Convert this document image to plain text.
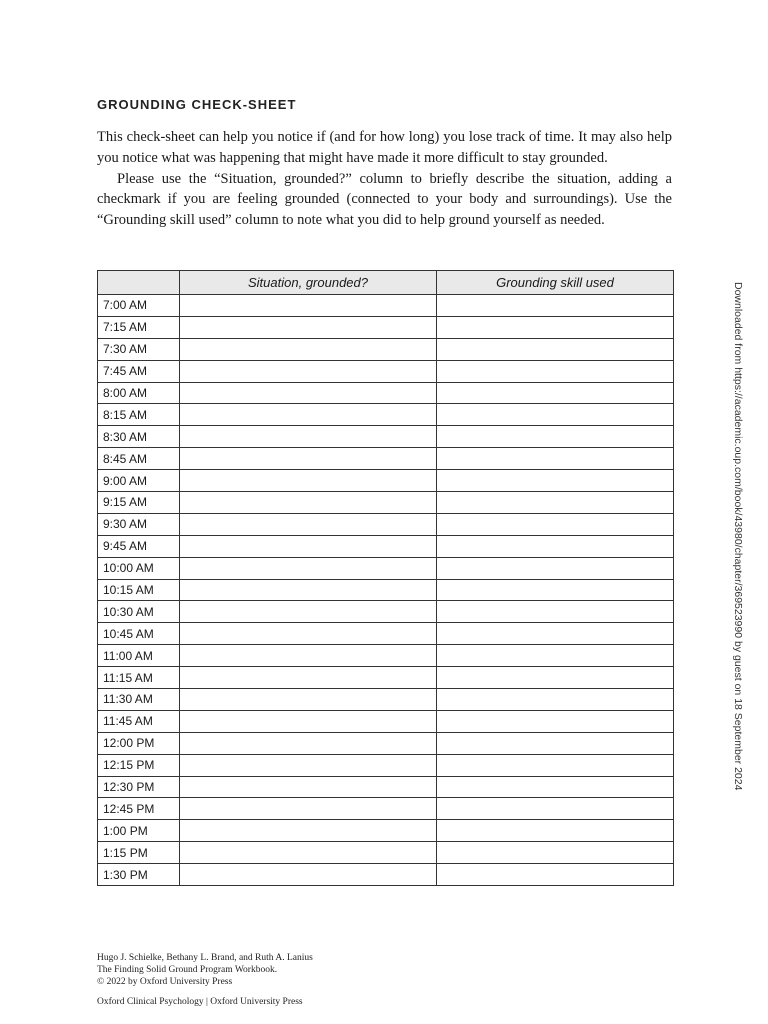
GROUNDING CHECK-SHEET

This check-sheet can help you notice if (and for how long) you lose track of time. It may also help you notice what was happening that might have made it more difficult to stay grounded.

Please use the “Situation, grounded?” column to briefly describe the situation, adding a checkmark if you are feeling grounded (connected to your body and surroundings). Use the “Grounding skill used” column to note what you did to help ground yourself as needed.

	Situation, grounded?	Grounding skill used
7:00 AM		
7:15 AM		
7:30 AM		
7:45 AM		
8:00 AM		
8:15 AM		
8:30 AM		
8:45 AM		
9:00 AM		
9:15 AM		
9:30 AM		
9:45 AM		
10:00 AM		
10:15 AM		
10:30 AM		
10:45 AM		
11:00 AM		
11:15 AM		
11:30 AM		
11:45 AM		
12:00 PM		
12:15 PM		
12:30 PM		
12:45 PM		
1:00 PM		
1:15 PM		
1:30 PM		
Downloaded from https://academic.oup.com/book/43980/chapter/369523990 by guest on 18 September 2024
Hugo J. Schielke, Bethany L. Brand, and Ruth A. Lanius
The Finding Solid Ground Program Workbook.
© 2022 by Oxford University Press
Oxford Clinical Psychology | Oxford University Press
